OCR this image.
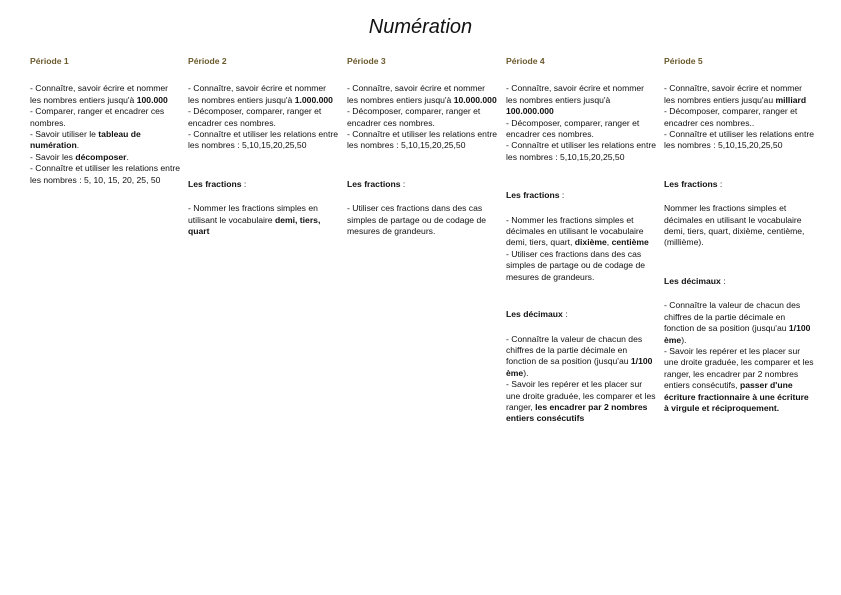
Numération

Période 1

- Connaître, savoir écrire et nommer les nombres entiers jusqu'à 100.000

- Comparer, ranger et encadrer ces nombres.

- Savoir utiliser le tableau de numération.

- Savoir les décomposer.

- Connaître et utiliser les relations entre les nombres : 5, 10, 15, 20, 25, 50

Période 2

- Connaître, savoir écrire et nommer les nombres entiers jusqu'à 1.000.000

- Décomposer, comparer, ranger et encadrer ces nombres.

- Connaître et utiliser les relations entre les nombres : 5,10,15,20,25,50

Les fractions :

- Nommer les fractions simples en utilisant le vocabulaire demi, tiers, quart

Période 3

- Connaître, savoir écrire et nommer les nombres entiers jusqu'à 10.000.000

- Décomposer, comparer, ranger et encadrer ces nombres.

- Connaître et utiliser les relations entre les nombres : 5,10,15,20,25,50

Les fractions :

- Utiliser ces fractions dans des cas simples de partage ou de codage de mesures de grandeurs.

Période 4

- Connaître, savoir écrire et nommer les nombres entiers jusqu'à 100.000.000

- Décomposer, comparer, ranger et encadrer ces nombres.

- Connaître et utiliser les relations entre les nombres : 5,10,15,20,25,50

Les fractions :

- Nommer les fractions simples et décimales en utilisant le vocabulaire demi, tiers, quart, dixième, centième

- Utiliser ces fractions dans des cas simples de partage ou de codage de mesures de grandeurs.

Les décimaux :

- Connaître la valeur de chacun des chiffres de la partie décimale en fonction de sa position (jusqu'au 1/100 ème).

- Savoir les repérer et les placer sur une droite graduée, les comparer et les ranger, les encadrer par 2 nombres entiers consécutifs

Période 5

- Connaître, savoir écrire et nommer les nombres entiers jusqu'au milliard

- Décomposer, comparer, ranger et encadrer ces nombres..

- Connaître et utiliser les relations entre les nombres : 5,10,15,20,25,50

Les fractions :

Nommer les fractions simples et décimales en utilisant le vocabulaire demi, tiers, quart, dixième, centième, (millième).

Les décimaux :

- Connaître la valeur de chacun des chiffres de la partie décimale en fonction de sa position (jusqu'au 1/100 ème).

- Savoir les repérer et les placer sur une droite graduée, les comparer et les ranger, les encadrer par 2 nombres entiers consécutifs, passer d'une écriture fractionnaire à une écriture à virgule et réciproquement.
